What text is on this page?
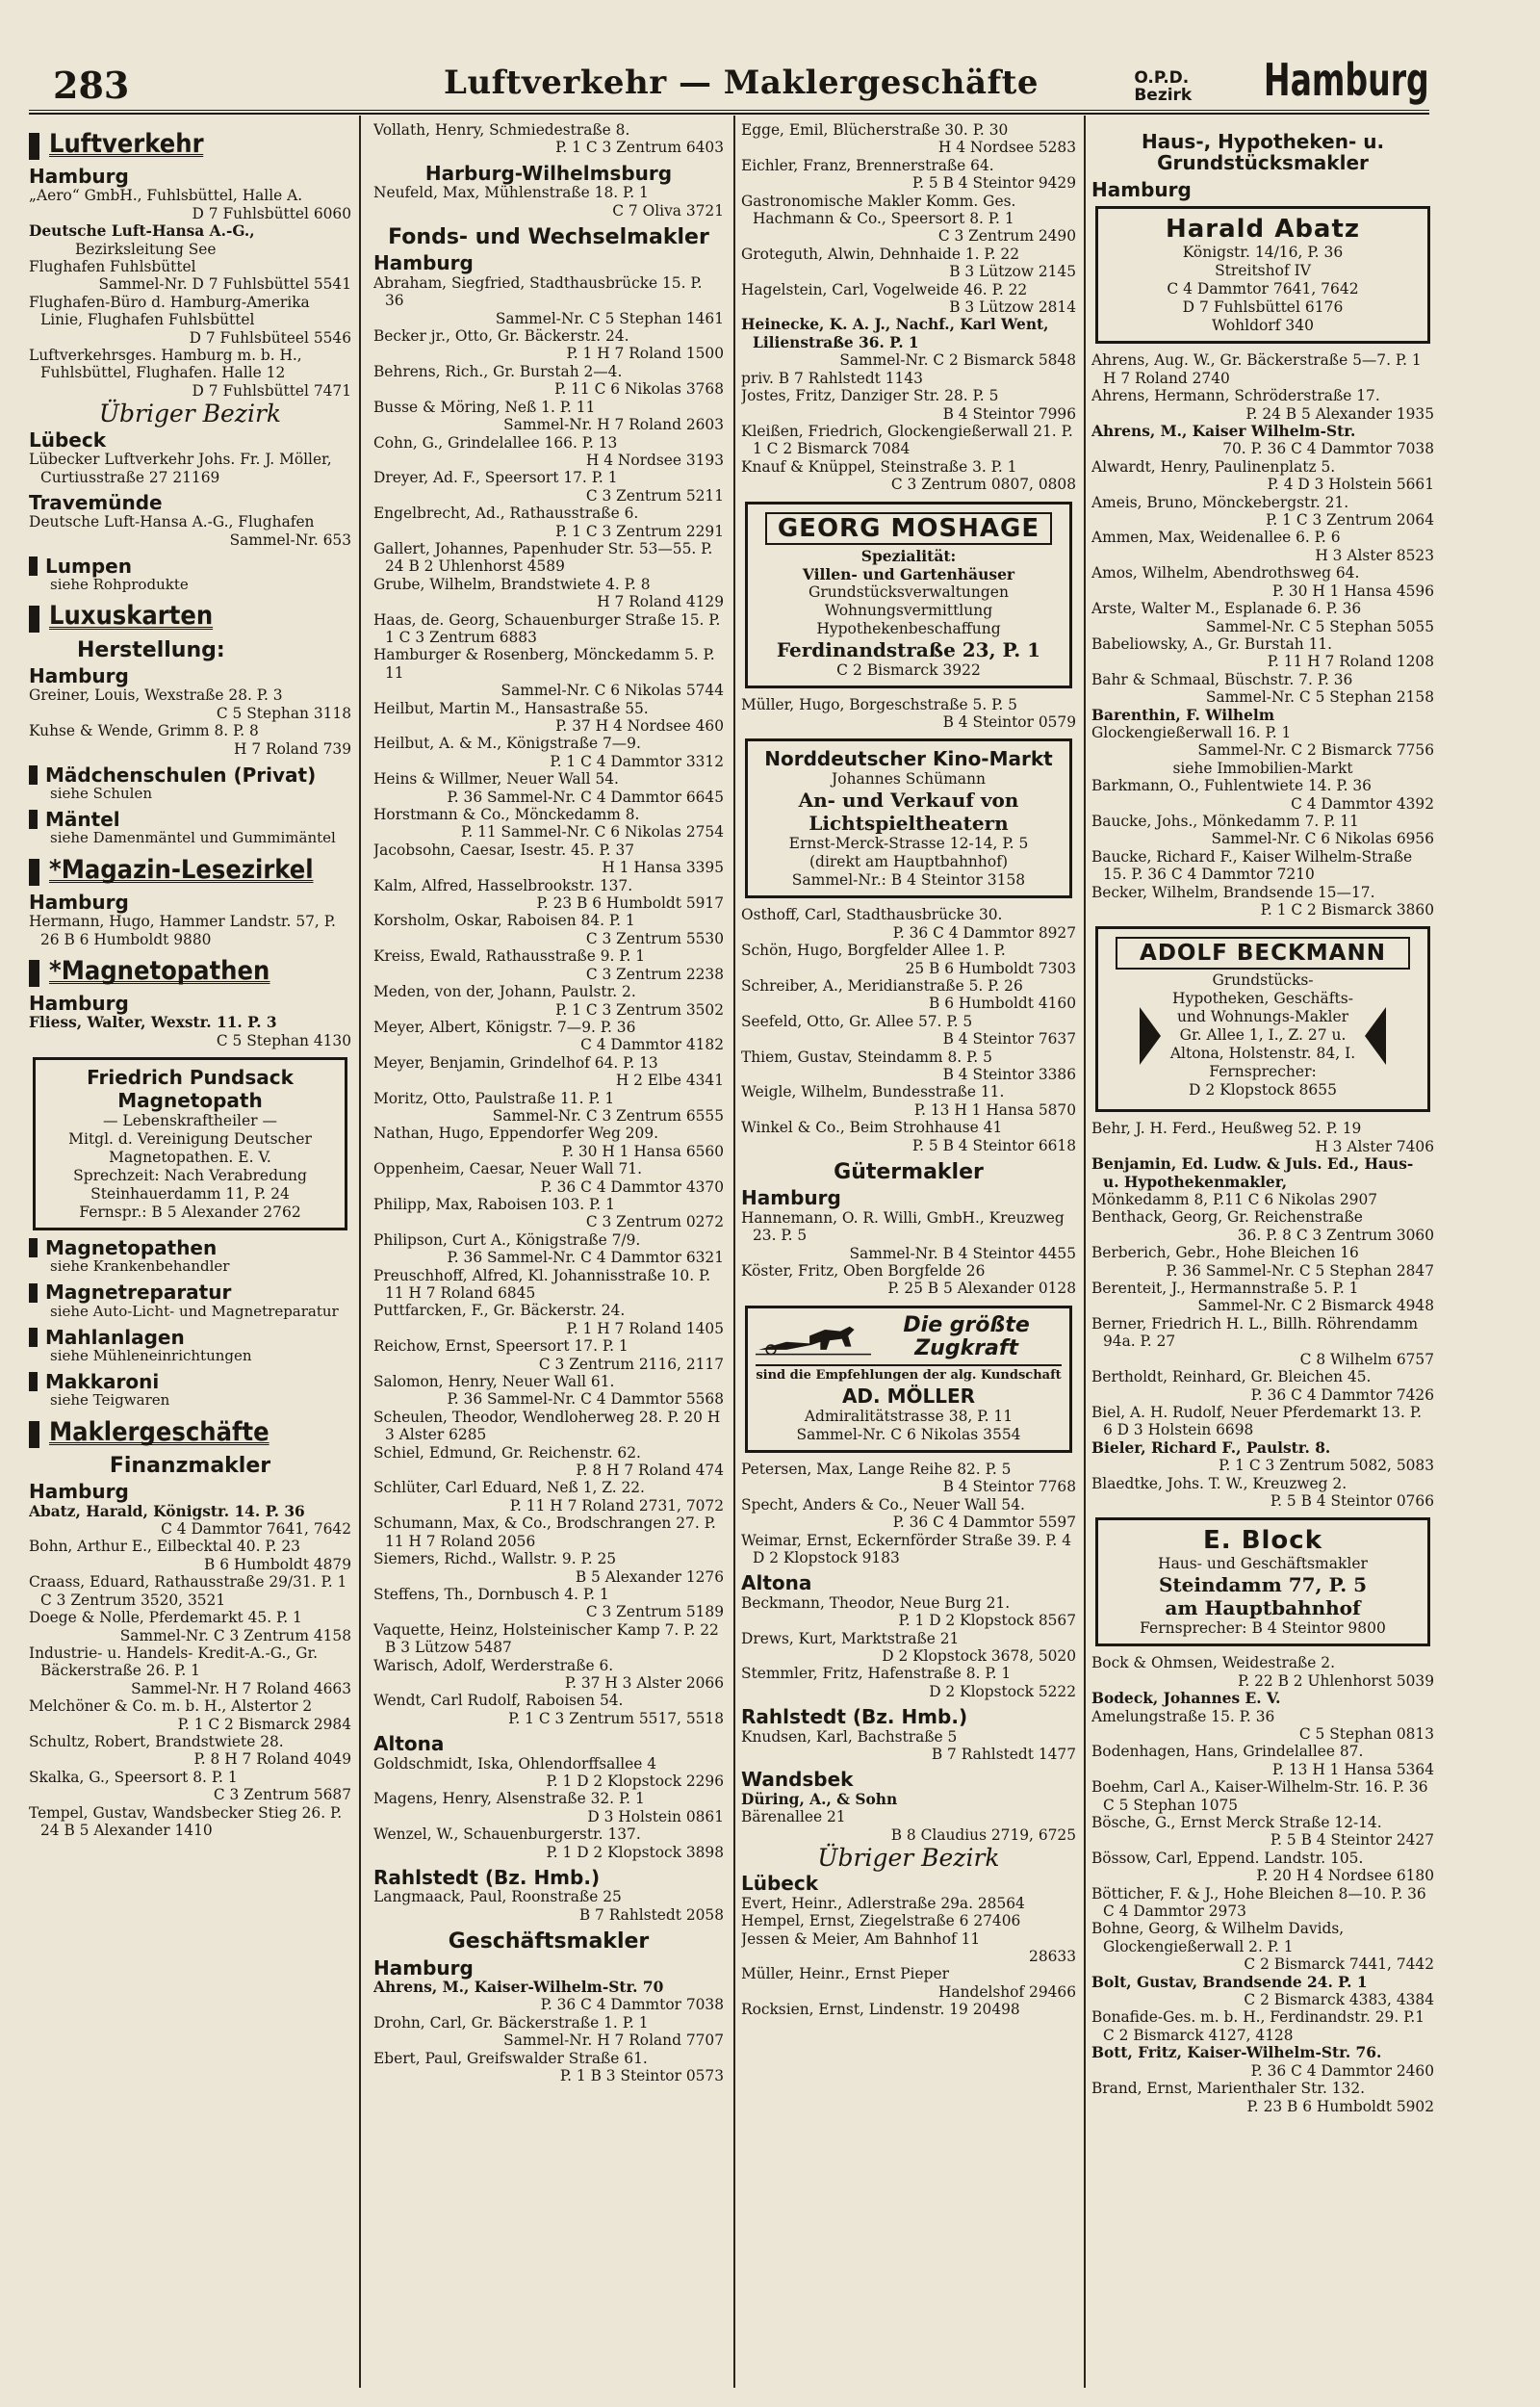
283	Luftverkehr — Maklergeschäfte	O.P.D.
Bezirk Hamburg
Luftverkehr
Hamburg

„Aero“ GmbH., Fuhlsbüttel, Halle A.

D 7 Fuhlsbüttel 6060

Deutsche Luft-Hansa A.-G.,

Bezirksleitung See

Flughafen Fuhlsbüttel

Sammel-Nr. D 7 Fuhlsbüttel 5541

Flughafen-Büro d. Hamburg-Amerika Linie, Flughafen Fuhlsbüttel

D 7 Fuhlsbüteel 5546

Luftverkehrsges. Hamburg m. b. H., Fuhlsbüttel, Flughafen. Halle 12

D 7 Fuhlsbüttel 7471

Übriger Bezirk
Lübeck

Lübecker Luftverkehr Johs. Fr. J. Möller, Curtiusstraße 27 21169

Travemünde

Deutsche Luft-Hansa A.-G., Flughafen

Sammel-Nr. 653

Lumpen

siehe Rohprodukte

Luxuskarten
Herstellung:
Hamburg

Greiner, Louis, Wexstraße 28. P. 3

C 5 Stephan 3118

Kuhse & Wende, Grimm 8. P. 8

H 7 Roland 739

Mädchenschulen (Privat)

siehe Schulen

Mäntel

siehe Damenmäntel und Gummimäntel

*Magazin-Lesezirkel
Hamburg

Hermann, Hugo, Hammer Landstr. 57, P. 26 B 6 Humboldt 9880

*Magnetopathen
Hamburg

Fliess, Walter, Wexstr. 11. P. 3

C 5 Stephan 4130

Friedrich Pundsack
Magnetopath
— Lebenskraftheiler —
Mitgl. d. Vereinigung Deutscher Magnetopathen. E. V.
Sprechzeit: Nach Verabredung
Steinhauerdamm 11, P. 24
Fernspr.: B 5 Alexander 2762
Magnetopathen

siehe Krankenbehandler

Magnetreparatur

siehe Auto-Licht- und Magnetreparatur

Mahlanlagen

siehe Mühleneinrichtungen

Makkaroni

siehe Teigwaren

Maklergeschäfte
Finanzmakler
Hamburg

Abatz, Harald, Königstr. 14. P. 36

C 4 Dammtor 7641, 7642

Bohn, Arthur E., Eilbecktal 40. P. 23

B 6 Humboldt 4879

Craass, Eduard, Rathausstraße 29/31. P. 1 C 3 Zentrum 3520, 3521

Doege & Nolle, Pferdemarkt 45. P. 1

Sammel-Nr. C 3 Zentrum 4158

Industrie- u. Handels- Kredit-A.-G., Gr. Bäckerstraße 26. P. 1

Sammel-Nr. H 7 Roland 4663

Melchöner & Co. m. b. H., Alstertor 2

P. 1 C 2 Bismarck 2984

Schultz, Robert, Brandstwiete 28.

P. 8 H 7 Roland 4049

Skalka, G., Speersort 8. P. 1

C 3 Zentrum 5687

Tempel, Gustav, Wandsbecker Stieg 26. P. 24 B 5 Alexander 1410

Vollath, Henry, Schmiedestraße 8.

P. 1 C 3 Zentrum 6403

Harburg-Wilhelmsburg

Neufeld, Max, Mühlenstraße 18. P. 1

C 7 Oliva 3721

Fonds- und Wechselmakler
Hamburg

Abraham, Siegfried, Stadthausbrücke 15. P. 36

Sammel-Nr. C 5 Stephan 1461

Becker jr., Otto, Gr. Bäckerstr. 24.

P. 1 H 7 Roland 1500

Behrens, Rich., Gr. Burstah 2—4.

P. 11 C 6 Nikolas 3768

Busse & Möring, Neß 1. P. 11

Sammel-Nr. H 7 Roland 2603

Cohn, G., Grindelallee 166. P. 13

H 4 Nordsee 3193

Dreyer, Ad. F., Speersort 17. P. 1

C 3 Zentrum 5211

Engelbrecht, Ad., Rathausstraße 6.

P. 1 C 3 Zentrum 2291

Gallert, Johannes, Papenhuder Str. 53—55. P. 24 B 2 Uhlenhorst 4589

Grube, Wilhelm, Brandstwiete 4. P. 8

H 7 Roland 4129

Haas, de. Georg, Schauenburger Straße 15. P. 1 C 3 Zentrum 6883

Hamburger & Rosenberg, Mönckedamm 5. P. 11

Sammel-Nr. C 6 Nikolas 5744

Heilbut, Martin M., Hansastraße 55.

P. 37 H 4 Nordsee 460

Heilbut, A. & M., Königstraße 7—9.

P. 1 C 4 Dammtor 3312

Heins & Willmer, Neuer Wall 54.

P. 36 Sammel-Nr. C 4 Dammtor 6645

Horstmann & Co., Mönckedamm 8.

P. 11 Sammel-Nr. C 6 Nikolas 2754

Jacobsohn, Caesar, Isestr. 45. P. 37

H 1 Hansa 3395

Kalm, Alfred, Hasselbrookstr. 137.

P. 23 B 6 Humboldt 5917

Korsholm, Oskar, Raboisen 84. P. 1

C 3 Zentrum 5530

Kreiss, Ewald, Rathausstraße 9. P. 1

C 3 Zentrum 2238

Meden, von der, Johann, Paulstr. 2.

P. 1 C 3 Zentrum 3502

Meyer, Albert, Königstr. 7—9. P. 36

C 4 Dammtor 4182

Meyer, Benjamin, Grindelhof 64. P. 13

H 2 Elbe 4341

Moritz, Otto, Paulstraße 11. P. 1

Sammel-Nr. C 3 Zentrum 6555

Nathan, Hugo, Eppendorfer Weg 209.

P. 30 H 1 Hansa 6560

Oppenheim, Caesar, Neuer Wall 71.

P. 36 C 4 Dammtor 4370

Philipp, Max, Raboisen 103. P. 1

C 3 Zentrum 0272

Philipson, Curt A., Königstraße 7/9.

P. 36 Sammel-Nr. C 4 Dammtor 6321

Preuschhoff, Alfred, Kl. Johannisstraße 10. P. 11 H 7 Roland 6845

Puttfarcken, F., Gr. Bäckerstr. 24.

P. 1 H 7 Roland 1405

Reichow, Ernst, Speersort 17. P. 1

C 3 Zentrum 2116, 2117

Salomon, Henry, Neuer Wall 61.

P. 36 Sammel-Nr. C 4 Dammtor 5568

Scheulen, Theodor, Wendloherweg 28. P. 20 H 3 Alster 6285

Schiel, Edmund, Gr. Reichenstr. 62.

P. 8 H 7 Roland 474

Schlüter, Carl Eduard, Neß 1, Z. 22.

P. 11 H 7 Roland 2731, 7072

Schumann, Max, & Co., Brodschrangen 27. P. 11 H 7 Roland 2056

Siemers, Richd., Wallstr. 9. P. 25

B 5 Alexander 1276

Steffens, Th., Dornbusch 4. P. 1

C 3 Zentrum 5189

Vaquette, Heinz, Holsteinischer Kamp 7. P. 22 B 3 Lützow 5487

Warisch, Adolf, Werderstraße 6.

P. 37 H 3 Alster 2066

Wendt, Carl Rudolf, Raboisen 54.

P. 1 C 3 Zentrum 5517, 5518

Altona

Goldschmidt, Iska, Ohlendorffsallee 4

P. 1 D 2 Klopstock 2296

Magens, Henry, Alsenstraße 32. P. 1

D 3 Holstein 0861

Wenzel, W., Schauenburgerstr. 137.

P. 1 D 2 Klopstock 3898

Rahlstedt (Bz. Hmb.)

Langmaack, Paul, Roonstraße 25

B 7 Rahlstedt 2058

Geschäftsmakler
Hamburg

Ahrens, M., Kaiser-Wilhelm-Str. 70

P. 36 C 4 Dammtor 7038

Drohn, Carl, Gr. Bäckerstraße 1. P. 1

Sammel-Nr. H 7 Roland 7707

Ebert, Paul, Greifswalder Straße 61.

P. 1 B 3 Steintor 0573

Egge, Emil, Blücherstraße 30. P. 30

H 4 Nordsee 5283

Eichler, Franz, Brennerstraße 64.

P. 5 B 4 Steintor 9429

Gastronomische Makler Komm. Ges. Hachmann & Co., Speersort 8. P. 1

C 3 Zentrum 2490

Groteguth, Alwin, Dehnhaide 1. P. 22

B 3 Lützow 2145

Hagelstein, Carl, Vogelweide 46. P. 22

B 3 Lützow 2814

Heinecke, K. A. J., Nachf., Karl Went, Lilienstraße 36. P. 1

Sammel-Nr. C 2 Bismarck 5848

priv. B 7 Rahlstedt 1143

Jostes, Fritz, Danziger Str. 28. P. 5

B 4 Steintor 7996

Kleißen, Friedrich, Glockengießerwall 21. P. 1 C 2 Bismarck 7084

Knauf & Knüppel, Steinstraße 3. P. 1

C 3 Zentrum 0807, 0808

GEORG MOSHAGE
Spezialität:
Villen- und Gartenhäuser
Grundstücksverwaltungen
Wohnungsvermittlung
Hypothekenbeschaffung
Ferdinandstraße 23, P. 1
C 2 Bismarck 3922

Müller, Hugo, Borgeschstraße 5. P. 5

B 4 Steintor 0579

Norddeutscher Kino-Markt
Johannes Schümann
An- und Verkauf von
Lichtspieltheatern
Ernst-Merck-Strasse 12-14, P. 5
(direkt am Hauptbahnhof)
Sammel-Nr.: B 4 Steintor 3158

Osthoff, Carl, Stadthausbrücke 30.

P. 36 C 4 Dammtor 8927

Schön, Hugo, Borgfelder Allee 1. P.

25 B 6 Humboldt 7303

Schreiber, A., Meridianstraße 5. P. 26

B 6 Humboldt 4160

Seefeld, Otto, Gr. Allee 57. P. 5

B 4 Steintor 7637

Thiem, Gustav, Steindamm 8. P. 5

B 4 Steintor 3386

Weigle, Wilhelm, Bundesstraße 11.

P. 13 H 1 Hansa 5870

Winkel & Co., Beim Strohhause 41

P. 5 B 4 Steintor 6618

Gütermakler
Hamburg

Hannemann, O. R. Willi, GmbH., Kreuzweg 23. P. 5

Sammel-Nr. B 4 Steintor 4455

Köster, Fritz, Oben Borgfelde 26

P. 25 B 5 Alexander 0128

Die größte Zugkraft
sind die Empfehlungen der alg. Kundschaft
AD. MÖLLER
Admiralitätstrasse 38, P. 11
Sammel-Nr. C 6 Nikolas 3554

Petersen, Max, Lange Reihe 82. P. 5

B 4 Steintor 7768

Specht, Anders & Co., Neuer Wall 54.

P. 36 C 4 Dammtor 5597

Weimar, Ernst, Eckernförder Straße 39. P. 4 D 2 Klopstock 9183

Altona

Beckmann, Theodor, Neue Burg 21.

P. 1 D 2 Klopstock 8567

Drews, Kurt, Marktstraße 21

D 2 Klopstock 3678, 5020

Stemmler, Fritz, Hafenstraße 8. P. 1

D 2 Klopstock 5222

Rahlstedt (Bz. Hmb.)

Knudsen, Karl, Bachstraße 5

B 7 Rahlstedt 1477

Wandsbek

Düring, A., & Sohn

Bärenallee 21

B 8 Claudius 2719, 6725

Übriger Bezirk
Lübeck

Evert, Heinr., Adlerstraße 29a. 28564

Hempel, Ernst, Ziegelstraße 6 27406

Jessen & Meier, Am Bahnhof 11

28633

Müller, Heinr., Ernst Pieper

Handelshof 29466

Rocksien, Ernst, Lindenstr. 19 20498

Haus-, Hypotheken- u. Grundstücksmakler
Hamburg
Harald Abatz
Königstr. 14/16, P. 36
Streitshof IV
C 4 Dammtor 7641, 7642
D 7 Fuhlsbüttel 6176
Wohldorf 340

Ahrens, Aug. W., Gr. Bäckerstraße 5—7. P. 1 H 7 Roland 2740

Ahrens, Hermann, Schröderstraße 17.

P. 24 B 5 Alexander 1935

Ahrens, M., Kaiser Wilhelm-Str.

70. P. 36 C 4 Dammtor 7038

Alwardt, Henry, Paulinenplatz 5.

P. 4 D 3 Holstein 5661

Ameis, Bruno, Mönckebergstr. 21.

P. 1 C 3 Zentrum 2064

Ammen, Max, Weidenallee 6. P. 6

H 3 Alster 8523

Amos, Wilhelm, Abendrothsweg 64.

P. 30 H 1 Hansa 4596

Arste, Walter M., Esplanade 6. P. 36

Sammel-Nr. C 5 Stephan 5055

Babeliowsky, A., Gr. Burstah 11.

P. 11 H 7 Roland 1208

Bahr & Schmaal, Büschstr. 7. P. 36

Sammel-Nr. C 5 Stephan 2158

Barenthin, F. Wilhelm

Glockengießerwall 16. P. 1

Sammel-Nr. C 2 Bismarck 7756

siehe Immobilien-Markt

Barkmann, O., Fuhlentwiete 14. P. 36

C 4 Dammtor 4392

Baucke, Johs., Mönkedamm 7. P. 11

Sammel-Nr. C 6 Nikolas 6956

Baucke, Richard F., Kaiser Wilhelm-Straße 15. P. 36 C 4 Dammtor 7210

Becker, Wilhelm, Brandsende 15—17.

P. 1 C 2 Bismarck 3860

ADOLF BECKMANN
Grundstücks-
Hypotheken, Geschäfts-
und Wohnungs-Makler
Gr. Allee 1, I., Z. 27 u.
Altona, Holstenstr. 84, I.
Fernsprecher:
D 2 Klopstock 8655

Behr, J. H. Ferd., Heußweg 52. P. 19

H 3 Alster 7406

Benjamin, Ed. Ludw. & Juls. Ed., Haus- u. Hypothekenmakler,

Mönkedamm 8, P.11 C 6 Nikolas 2907

Benthack, Georg, Gr. Reichenstraße

36. P. 8 C 3 Zentrum 3060

Berberich, Gebr., Hohe Bleichen 16

P. 36 Sammel-Nr. C 5 Stephan 2847

Berenteit, J., Hermannstraße 5. P. 1

Sammel-Nr. C 2 Bismarck 4948

Berner, Friedrich H. L., Billh. Röhrendamm 94a. P. 27

C 8 Wilhelm 6757

Bertholdt, Reinhard, Gr. Bleichen 45.

P. 36 C 4 Dammtor 7426

Biel, A. H. Rudolf, Neuer Pferdemarkt 13. P. 6 D 3 Holstein 6698

Bieler, Richard F., Paulstr. 8.

P. 1 C 3 Zentrum 5082, 5083

Blaedtke, Johs. T. W., Kreuzweg 2.

P. 5 B 4 Steintor 0766

E. Block
Haus- und Geschäftsmakler
Steindamm 77, P. 5
am Hauptbahnhof
Fernsprecher: B 4 Steintor 9800

Bock & Ohmsen, Weidestraße 2.

P. 22 B 2 Uhlenhorst 5039

Bodeck, Johannes E. V.

Amelungstraße 15. P. 36

C 5 Stephan 0813

Bodenhagen, Hans, Grindelallee 87.

P. 13 H 1 Hansa 5364

Boehm, Carl A., Kaiser-Wilhelm-Str. 16. P. 36 C 5 Stephan 1075

Bösche, G., Ernst Merck Straße 12-14.

P. 5 B 4 Steintor 2427

Bössow, Carl, Eppend. Landstr. 105.

P. 20 H 4 Nordsee 6180

Bötticher, F. & J., Hohe Bleichen 8—10. P. 36 C 4 Dammtor 2973

Bohne, Georg, & Wilhelm Davids, Glockengießerwall 2. P. 1

C 2 Bismarck 7441, 7442

Bolt, Gustav, Brandsende 24. P. 1

C 2 Bismarck 4383, 4384

Bonafide-Ges. m. b. H., Ferdinandstr. 29. P.1 C 2 Bismarck 4127, 4128

Bott, Fritz, Kaiser-Wilhelm-Str. 76.

P. 36 C 4 Dammtor 2460

Brand, Ernst, Marienthaler Str. 132.

P. 23 B 6 Humboldt 5902
